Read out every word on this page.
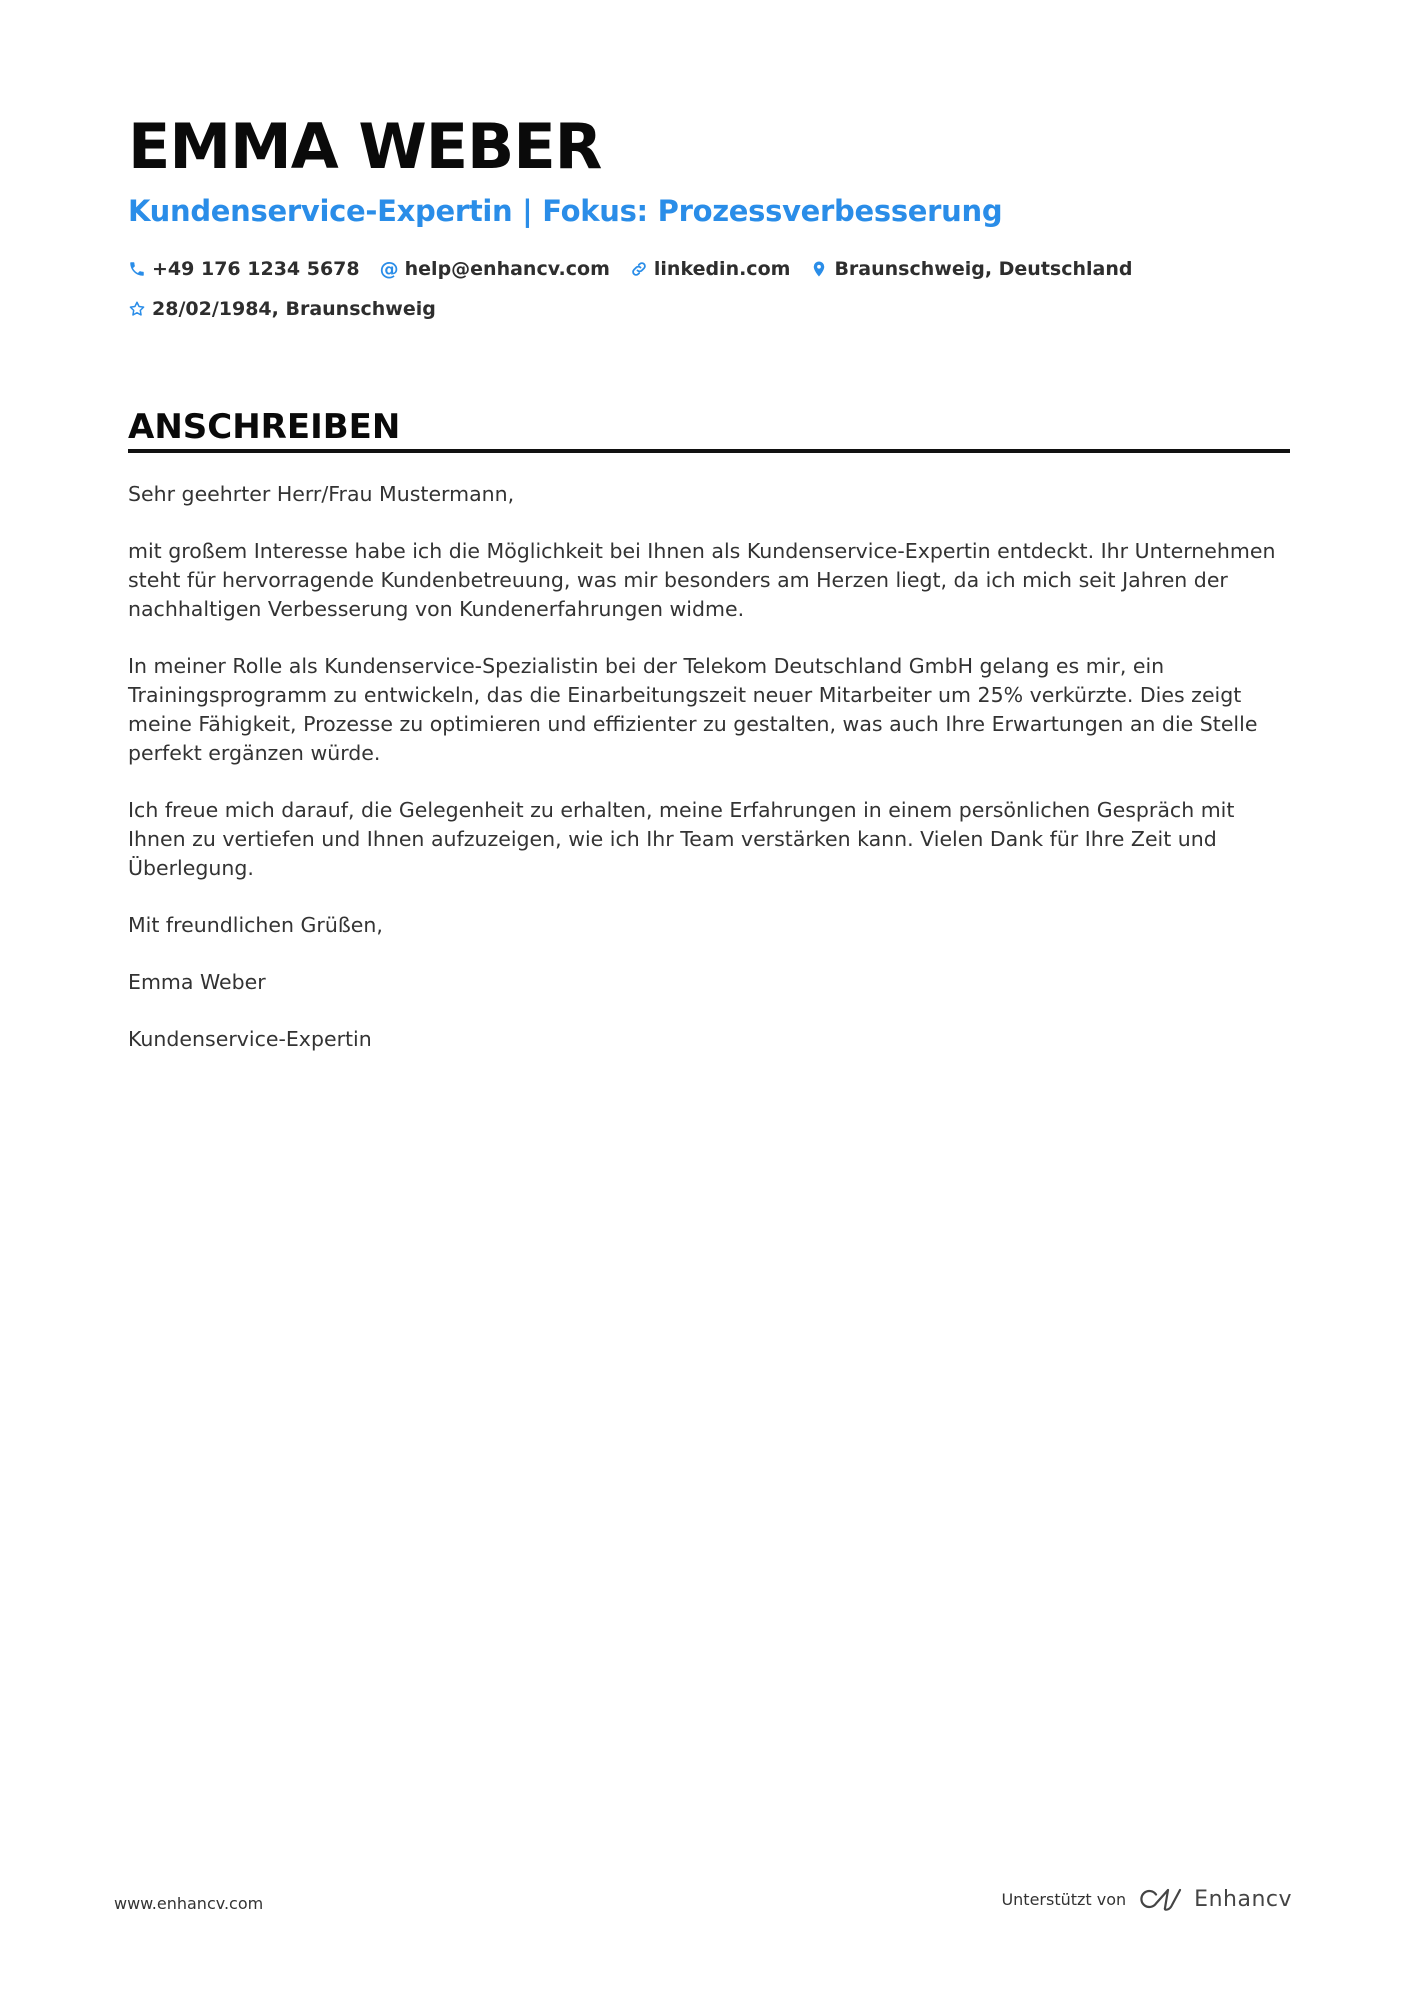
EMMA WEBER
Kundenservice-Expertin | Fokus: Prozessverbesserung
+49 176 1234 5678 @ help@enhancv.com linkedin.com Braunschweig, Deutschland
28/02/1984, Braunschweig
ANSCHREIBEN

Sehr geehrter Herr/Frau Mustermann,

mit großem Interesse habe ich die Möglichkeit bei Ihnen als Kundenservice-Expertin entdeckt. Ihr Unternehmen steht für hervorragende Kundenbetreuung, was mir besonders am Herzen liegt, da ich mich seit Jahren der nachhaltigen Verbesserung von Kundenerfahrungen widme.

In meiner Rolle als Kundenservice-Spezialistin bei der Telekom Deutschland GmbH gelang es mir, ein Trainingsprogramm zu entwickeln, das die Einarbeitungszeit neuer Mitarbeiter um 25% verkürzte. Dies zeigt meine Fähigkeit, Prozesse zu optimieren und effizienter zu gestalten, was auch Ihre Erwartungen an die Stelle perfekt ergänzen würde.

Ich freue mich darauf, die Gelegenheit zu erhalten, meine Erfahrungen in einem persönlichen Gespräch mit Ihnen zu vertiefen und Ihnen aufzuzeigen, wie ich Ihr Team verstärken kann. Vielen Dank für Ihre Zeit und Überlegung.

Mit freundlichen Grüßen,

Emma Weber

Kundenservice-Expertin

www.enhancv.com	Unterstützt von	Enhancv
